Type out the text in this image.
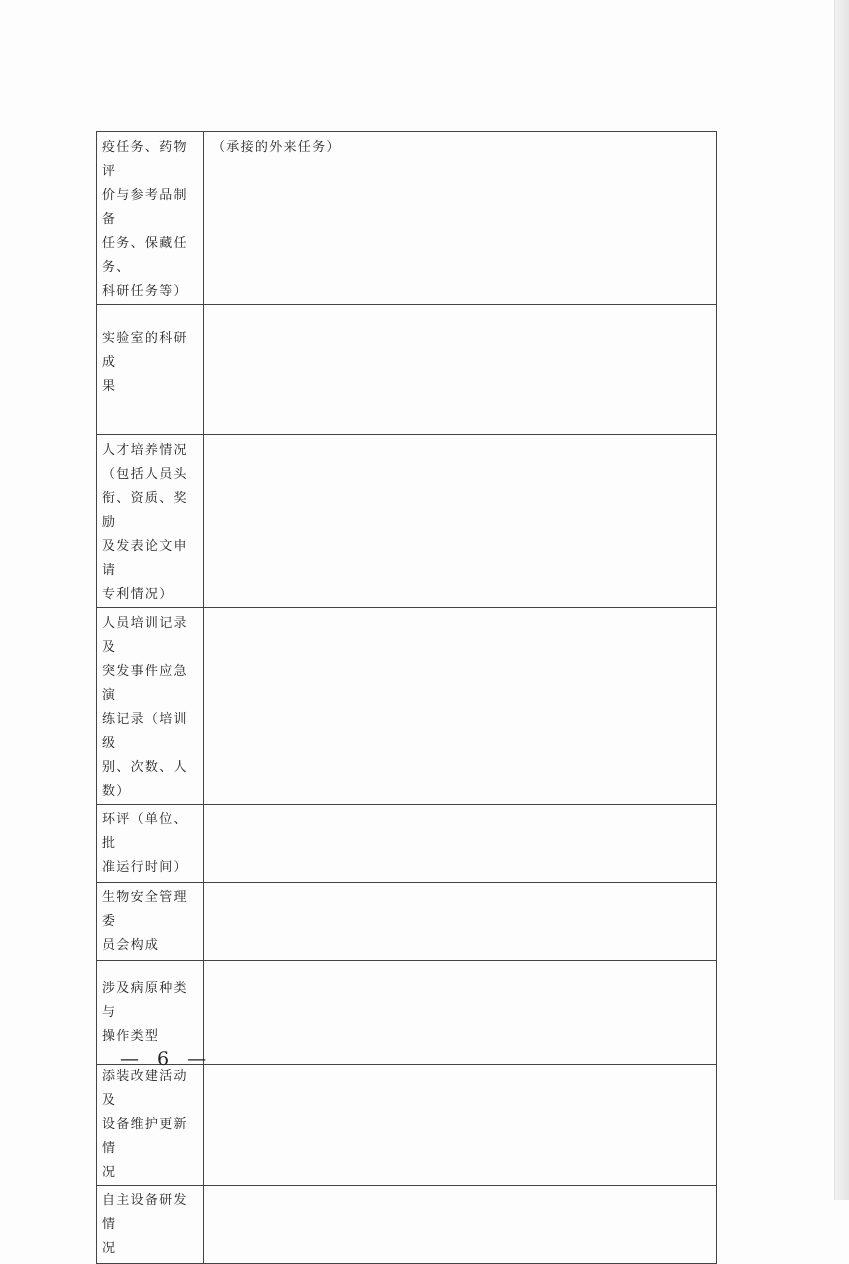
疫任务、药物评
价与参考品制备
任务、保藏任务、
科研任务等）	（承接的外来任务）

实验室的科研成
果	

人才培养情况
（包括人员头
衔、资质、奖励
及发表论文申请
专利情况）	

人员培训记录及
突发事件应急演
练记录（培训级
别、次数、人数）	

环评（单位、批
准运行时间）	

生物安全管理委
员会构成	

涉及病原种类与
操作类型	

添装改建活动及
设备维护更新情
况	

自主设备研发情
况	

— 6 —
